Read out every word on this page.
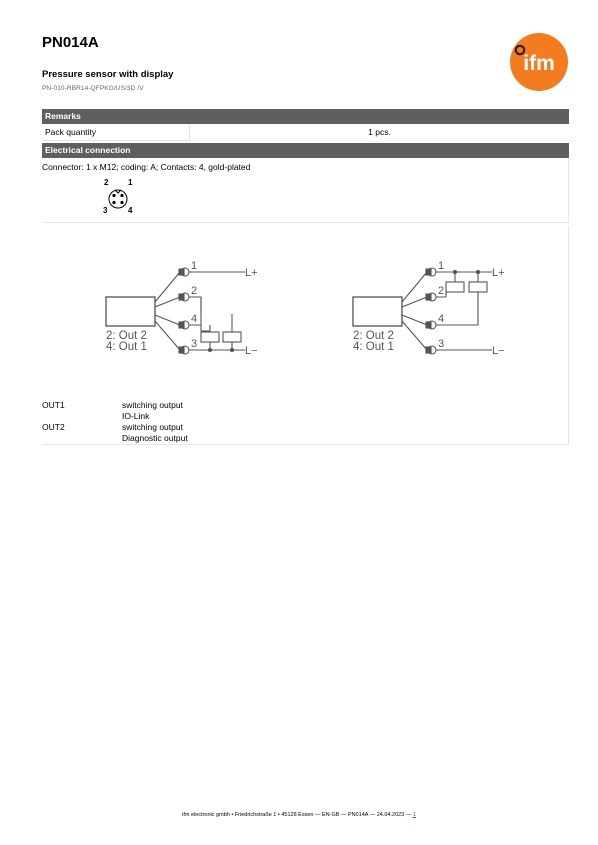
PN014A
Pressure sensor with display
PN-010-RBR14-QFPKG/US/3D /V
ifm
Remarks
Pack quantity	1 pcs.
Electrical connection
Connector: 1 x M12; coding: A; Contacts: 4, gold-plated
2 1
3	4
1
2
4
3
L+
L−
2: Out 2
4: Out 1
1
2
4
3
L+
L−
2: Out 2
4: Out 1
OUT1	switching output
IO-Link
OUT2	switching output
Diagnostic output
ifm electronic gmbh • Friedrichstraße 1 • 45128 Essen — EN-GB — PN014A — 24.04.2023 — 1
